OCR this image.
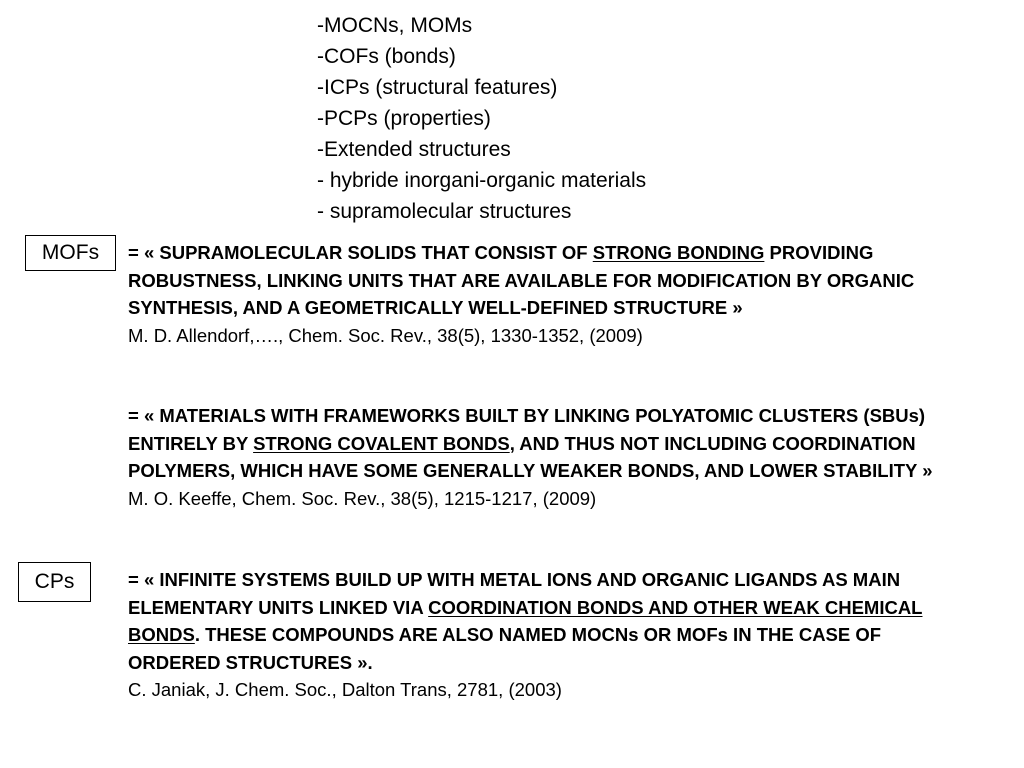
-MOCNs, MOMs
-COFs (bonds)
-ICPs (structural features)
-PCPs (properties)
-Extended structures
- hybride inorgani-organic materials
- supramolecular structures
MOFs	= « SUPRAMOLECULAR SOLIDS THAT CONSIST OF STRONG BONDING PROVIDING ROBUSTNESS, LINKING UNITS THAT ARE AVAILABLE FOR MODIFICATION BY ORGANIC SYNTHESIS, AND A GEOMETRICALLY WELL-DEFINED STRUCTURE »

M. D. Allendorf,…., Chem. Soc. Rev., 38(5), 1330-1352, (2009)

= « MATERIALS WITH FRAMEWORKS BUILT BY LINKING POLYATOMIC CLUSTERS (SBUs) ENTIRELY BY STRONG COVALENT BONDS, AND THUS NOT INCLUDING COORDINATION POLYMERS, WHICH HAVE SOME GENERALLY WEAKER BONDS, AND LOWER STABILITY »

M. O. Keeffe, Chem. Soc. Rev., 38(5), 1215-1217, (2009)

CPs	= « INFINITE SYSTEMS BUILD UP WITH METAL IONS AND ORGANIC LIGANDS AS MAIN ELEMENTARY UNITS LINKED VIA COORDINATION BONDS AND OTHER WEAK CHEMICAL BONDS. THESE COMPOUNDS ARE ALSO NAMED MOCNs OR MOFs IN THE CASE OF ORDERED STRUCTURES ».

C. Janiak, J. Chem. Soc., Dalton Trans, 2781, (2003)
